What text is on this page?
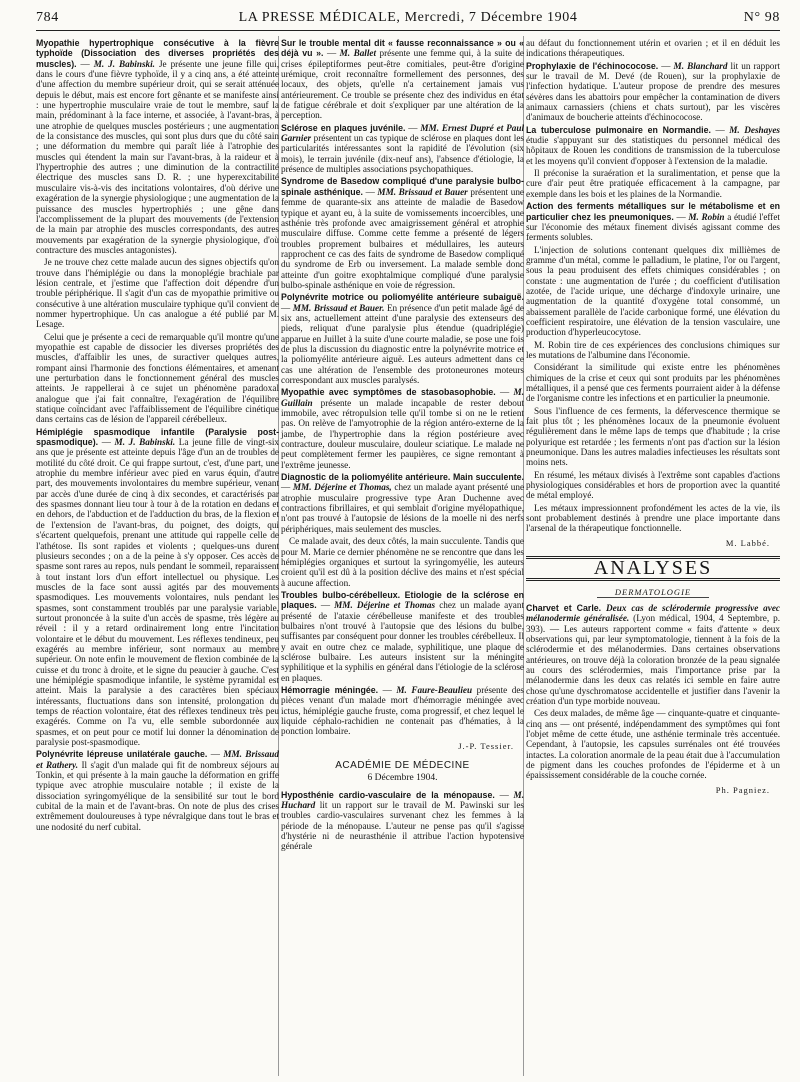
784	LA PRESSE MÉDICALE, Mercredi, 7 Décembre 1904	N° 98

Myopathie hypertrophique consécutive à la fièvre typhoïde (Dissociation des diverses propriétés des muscles). — M. J. Babinski. Je présente une jeune fille qui, dans le cours d'une fièvre typhoïde, il y a cinq ans, a été atteinte d'une affection du membre supérieur droit, qui se serait atténuée depuis le début, mais est encore fort gênante et se manifeste ainsi : une hypertrophie musculaire vraie de tout le membre, sauf la main, prédominant à la face interne, et associée, à l'avant-bras, à une atrophie de quelques muscles postérieurs ; une augmentation de la consistance des muscles, qui sont plus durs que du côté sain ; une déformation du membre qui paraît liée à l'atrophie des muscles qui étendent la main sur l'avant-bras, à la raideur et à l'hypertrophie des autres ; une diminution de la contractilité électrique des muscles sans D. R. ; une hyperexcitabilité musculaire vis-à-vis des incitations volontaires, d'où dérive une exagération de la synergie physiologique ; une augmentation de la puissance des muscles hypertrophiés ; une gêne dans l'accomplissement de la plupart des mouvements (de l'extension de la main par atrophie des muscles correspondants, des autres mouvements par exagération de la synergie physiologique, d'où contracture des muscles antagonistes).

Je ne trouve chez cette malade aucun des signes objectifs qu'on trouve dans l'hémiplégie ou dans la monoplégie brachiale par lésion centrale, et j'estime que l'affection doit dépendre d'un trouble périphérique. Il s'agit d'un cas de myopathie primitive ou consécutive à une altération musculaire typhique qu'il convient de nommer hypertrophique. Un cas analogue a été publié par M. Lesage.

Celui que je présente a ceci de remarquable qu'il montre qu'une myopathie est capable de dissocier les diverses propriétés des muscles, d'affaiblir les unes, de suractiver quelques autres, rompant ainsi l'harmonie des fonctions élémentaires, et amenant une perturbation dans le fonctionnement général des muscles atteints. Je rappellerai à ce sujet un phénomène paradoxal analogue que j'ai fait connaître, l'exagération de l'équilibre statique coïncidant avec l'affaiblissement de l'équilibre cinétique dans certains cas de lésion de l'appareil cérébelleux.

Hémiplégie spasmodique infantile (Paralysie post-spasmodique). — M. J. Babinski. La jeune fille de vingt-six ans que je présente est atteinte depuis l'âge d'un an de troubles de motilité du côté droit. Ce qui frappe surtout, c'est, d'une part, une atrophie du membre inférieur avec pied en varus équin, d'autre part, des mouvements involontaires du membre supérieur, venant par accès d'une durée de cinq à dix secondes, et caractérisés par des spasmes donnant lieu tour à tour à de la rotation en dedans et en dehors, de l'abduction et de l'adduction du bras, de la flexion et de l'extension de l'avant-bras, du poignet, des doigts, qui s'écartent quelquefois, prenant une attitude qui rappelle celle de l'athétose. Ils sont rapides et violents ; quelques-uns durent plusieurs secondes ; on a de la peine à s'y opposer. Ces accès de spasme sont rares au repos, nuls pendant le sommeil, reparaissent à tout instant lors d'un effort intellectuel ou physique. Les muscles de la face sont aussi agités par des mouvements spasmodiques. Les mouvements volontaires, nuls pendant les spasmes, sont constamment troublés par une paralysie variable, surtout prononcée à la suite d'un accès de spasme, très légère au réveil : il y a retard ordinairement long entre l'incitation volontaire et le début du mouvement. Les réflexes tendineux, peu exagérés au membre inférieur, sont normaux au membre supérieur. On note enfin le mouvement de flexion combinée de la cuisse et du tronc à droite, et le signe du peaucier à gauche. C'est une hémiplégie spasmodique infantile, le système pyramidal est atteint. Mais la paralysie a des caractères bien spéciaux intéressants, fluctuations dans son intensité, prolongation du temps de réaction volontaire, état des réflexes tendineux très peu exagérés. Comme on l'a vu, elle semble subordonnée aux spasmes, et on peut pour ce motif lui donner la dénomination de paralysie post-spasmodique.

Polynévrite lépreuse unilatérale gauche. — MM. Brissaud et Rathery. Il s'agit d'un malade qui fit de nombreux séjours au Tonkin, et qui présente à la main gauche la déformation en griffe typique avec atrophie musculaire notable ; il existe de la dissociation syringomyélique de la sensibilité sur tout le bord cubital de la main et de l'avant-bras. On note de plus des crises extrêmement douloureuses à type névralgique dans tout le bras et une nodosité du nerf cubital.

Sur le trouble mental dit « fausse reconnaissance » ou « déjà vu ». — M. Ballet présente une femme qui, à la suite de crises épileptiformes peut-être comitiales, peut-être d'origine urémique, croit reconnaître formellement des personnes, des locaux, des objets, qu'elle n'a certainement jamais vus antérieurement. Ce trouble se présente chez des individus en état de fatigue cérébrale et doit s'expliquer par une altération de la perception.

Sclérose en plaques juvénile. — MM. Ernest Dupré et Paul Garnier présentent un cas typique de sclérose en plaques dont les particularités intéressantes sont la rapidité de l'évolution (six mois), le terrain juvénile (dix-neuf ans), l'absence d'étiologie, la présence de multiples associations psychopathiques.

Syndrome de Basedow compliqué d'une paralysie bulbo-spinale asthénique. — MM. Brissaud et Bauer présentent une femme de quarante-six ans atteinte de maladie de Basedow typique et ayant eu, à la suite de vomissements incoercibles, une asthénie très profonde avec amaigrissement général et atrophie musculaire diffuse. Comme cette femme a présenté de légers troubles proprement bulbaires et médullaires, les auteurs rapprochent ce cas des faits de syndrome de Basedow compliqué du syndrome de Erb ou inversement. La malade semble donc atteinte d'un goitre exophtalmique compliqué d'une paralysie bulbo-spinale asthénique en voie de régression.

Polynévrite motrice ou poliomyélite antérieure subaiguë. — MM. Brissaud et Bauer. En présence d'un petit malade âgé de six ans, actuellement atteint d'une paralysie des extenseurs des pieds, reliquat d'une paralysie plus étendue (quadriplégie) apparue en Juillet à la suite d'une courte maladie, se pose une fois de plus la discussion du diagnostic entre la polynévrite motrice et la poliomyélite antérieure aiguë. Les auteurs admettent dans ce cas une altération de l'ensemble des protoneurones moteurs correspondant aux muscles paralysés.

Myopathie avec symptômes de stasobasophobie. — M. Guillain présente un malade incapable de rester debout immobile, avec rétropulsion telle qu'il tombe si on ne le retient pas. On relève de l'amyotrophie de la région antéro-externe de la jambe, de l'hypertrophie dans la région postérieure avec contracture, douleur musculaire, douleur sciatique. Le malade ne peut complètement fermer les paupières, ce signe remontant à l'extrême jeunesse.

Diagnostic de la poliomyélite antérieure. Main succulente. — MM. Déjerine et Thomas, chez un malade ayant présenté une atrophie musculaire progressive type Aran Duchenne avec contractions fibrillaires, et qui semblait d'origine myélopathique, n'ont pas trouvé à l'autopsie de lésions de la moelle ni des nerfs périphériques, mais seulement des muscles.

Ce malade avait, des deux côtés, la main succulente. Tandis que pour M. Marie ce dernier phénomène ne se rencontre que dans les hémiplégies organiques et surtout la syringomyélie, les auteurs croient qu'il est dû à la position déclive des mains et n'est spécial à aucune affection.

Troubles bulbo-cérébelleux. Etiologie de la sclérose en plaques. — MM. Déjerine et Thomas chez un malade ayant présenté de l'ataxie cérébelleuse manifeste et des troubles bulbaires n'ont trouvé à l'autopsie que des lésions du bulbe, suffisantes par conséquent pour donner les troubles cérébelleux. Il y avait en outre chez ce malade, syphilitique, une plaque de sclérose bulbaire. Les auteurs insistent sur la méningite syphilitique et la syphilis en général dans l'étiologie de la sclérose en plaques.

Hémorragie méningée. — M. Faure-Beaulieu présente des pièces venant d'un malade mort d'hémorragie méningée avec ictus, hémiplégie gauche fruste, coma progressif, et chez lequel le liquide céphalo-rachidien ne contenait pas d'hématies, à la ponction lombaire.

J.-P. Tessier.
ACADÉMIE DE MÉDECINE
6 Décembre 1904.

Hyposthénie cardio-vasculaire de la ménopause. — M. Huchard lit un rapport sur le travail de M. Pawinski sur les troubles cardio-vasculaires survenant chez les femmes à la période de la ménopause. L'auteur ne pense pas qu'il s'agisse d'hystérie ni de neurasthénie il attribue l'action hypotensive générale

au défaut du fonctionnement utérin et ovarien ; et il en déduit les indications thérapeutiques.

Prophylaxie de l'échinococose. — M. Blanchard lit un rapport sur le travail de M. Devé (de Rouen), sur la prophylaxie de l'infection hydatique. L'auteur propose de prendre des mesures sévères dans les abattoirs pour empêcher la contamination de divers animaux carnassiers (chiens et chats surtout), par les viscères d'animaux de boucherie atteints d'échinococose.

La tuberculose pulmonaire en Normandie. — M. Deshayes étudie s'appuyant sur des statistiques du personnel médical des hôpitaux de Rouen les conditions de transmission de la tuberculose et les moyens qu'il convient d'opposer à l'extension de la maladie.

Il préconise la suraération et la suralimentation, et pense que la cure d'air peut être pratiquée efficacement à la campagne, par exemple dans les bois et les plaines de la Normandie.

Action des ferments métalliques sur le métabolisme et en particulier chez les pneumoniques. — M. Robin a étudié l'effet sur l'économie des métaux finement divisés agissant comme des ferments solubles.

L'injection de solutions contenant quelques dix millièmes de gramme d'un métal, comme le palladium, le platine, l'or ou l'argent, sous la peau produisent des effets chimiques considérables ; on constate : une augmentation de l'urée ; du coefficient d'utilisation azotée, de l'acide urique, une décharge d'indoxyle urinaire, une augmentation de la quantité d'oxygène total consommé, un abaissement parallèle de l'acide carbonique formé, une élévation du coefficient respiratoire, une élévation de la tension vasculaire, une production d'hyperleucocytose.

M. Robin tire de ces expériences des conclusions chimiques sur les mutations de l'albumine dans l'économie.

Considérant la similitude qui existe entre les phénomènes chimiques de la crise et ceux qui sont produits par les phénomènes métalliques, il a pensé que ces ferments pourraient aider à la défense de l'organisme contre les infections et en particulier la pneumonie.

Sous l'influence de ces ferments, la défervescence thermique se fait plus tôt ; les phénomènes locaux de la pneumonie évoluent régulièrement dans le même laps de temps que d'habitude ; la crise polyurique est retardée ; les ferments n'ont pas d'action sur la lésion pneumonique. Dans les autres maladies infectieuses les résultats sont moins nets.

En résumé, les métaux divisés à l'extrême sont capables d'actions physiologiques considérables et hors de proportion avec la quantité de métal employé.

Les métaux impressionnent profondément les actes de la vie, ils sont probablement destinés à prendre une place importante dans l'arsenal de la thérapeutique fonctionnelle.

M. Labbé.
ANALYSES
DERMATOLOGIE

Charvet et Carle. Deux cas de sclérodermie progressive avec mélanodermie généralisée. (Lyon médical, 1904, 4 Septembre, p. 393). — Les auteurs rapportent comme « faits d'attente » deux observations qui, par leur symptomatologie, tiennent à la fois de la sclérodermie et des mélanodermies. Dans certaines observations antérieures, on trouve déjà la coloration bronzée de la peau signalée au cours des sclérodermies, mais l'importance prise par la mélanodermie dans les deux cas relatés ici semble en faire autre chose qu'une dyschromatose accidentelle et justifier dans l'avenir la création d'un type morbide nouveau.

Ces deux malades, de même âge — cinquante-quatre et cinquante-cinq ans — ont présenté, indépendamment des symptômes qui font l'objet même de cette étude, une asthénie terminale très accentuée. Cependant, à l'autopsie, les capsules surrénales ont été trouvées intactes. La coloration anormale de la peau était due à l'accumulation de pigment dans les couches profondes de l'épiderme et à un épaississement considérable de la couche cornée.

Ph. Pagniez.
